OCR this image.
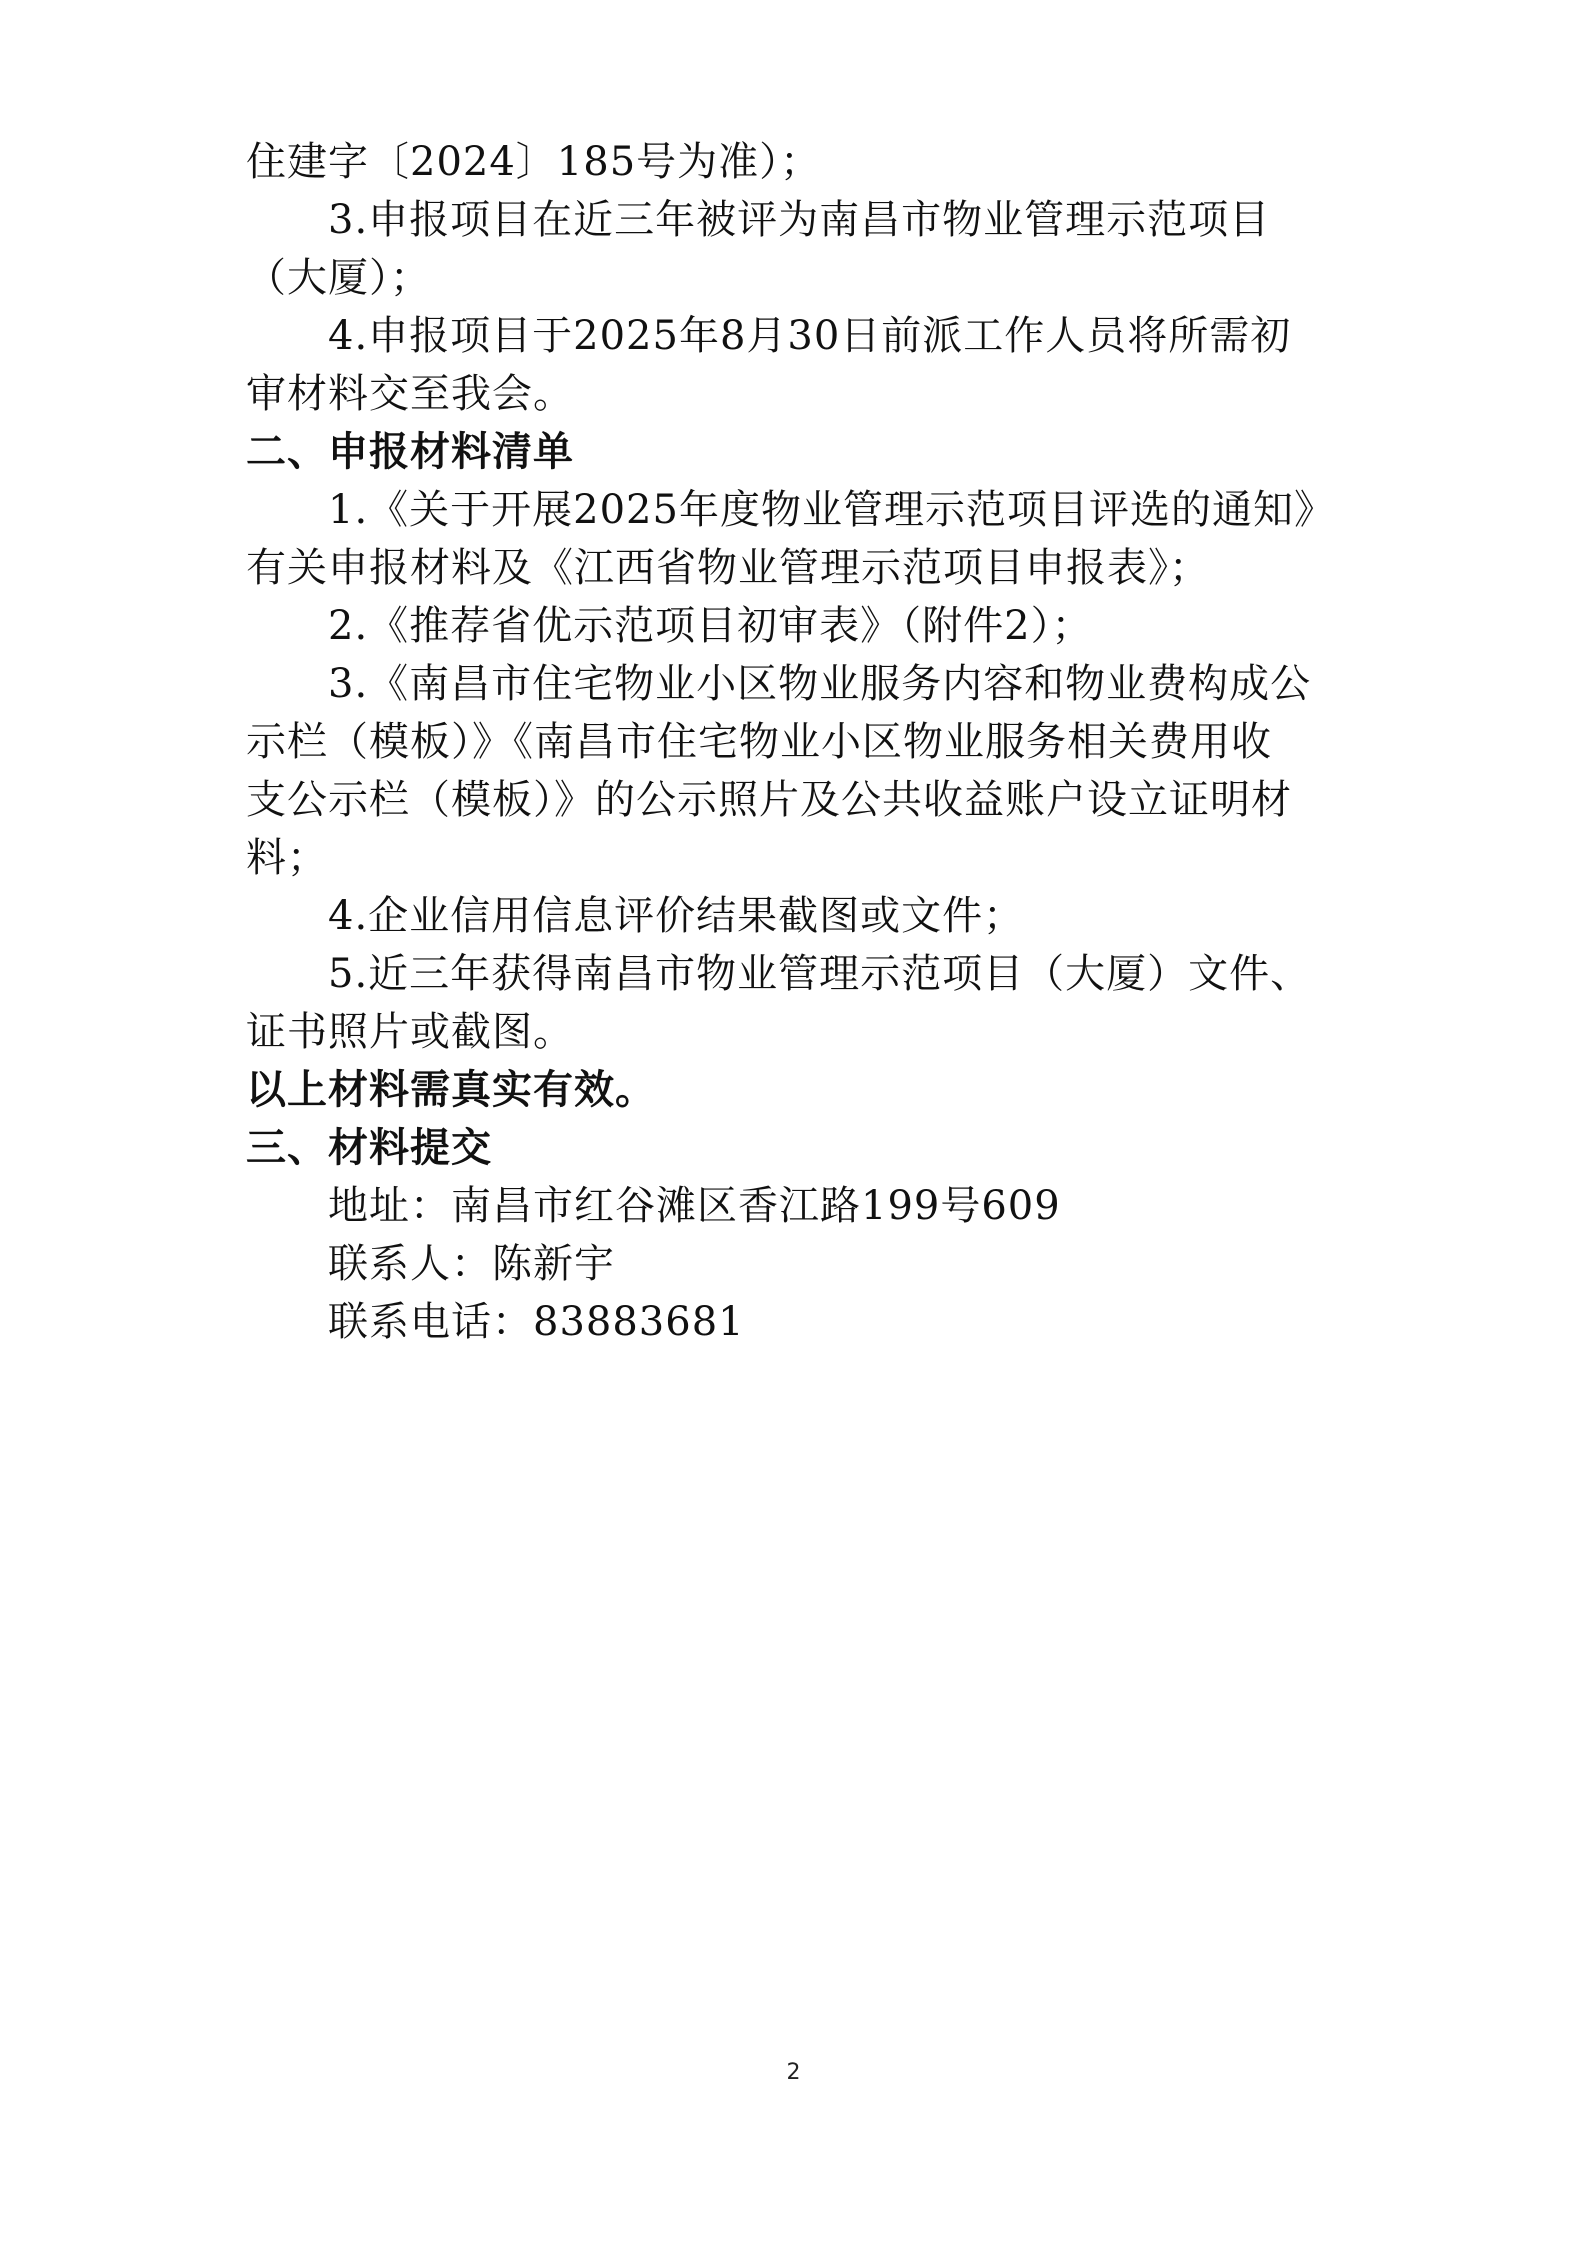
住建字〔2024〕185号为准）；
3.申报项目在近三年被评为南昌市物业管理示范项目
（大厦）；
4.申报项目于2025年8月30日前派工作人员将所需初
审材料交至我会。
二、申报材料清单
1.《关于开展2025年度物业管理示范项目评选的通知》
有关申报材料及《江西省物业管理示范项目申报表》；
2.《推荐省优示范项目初审表》（附件2）；
3.《南昌市住宅物业小区物业服务内容和物业费构成公
示栏（模板）》《南昌市住宅物业小区物业服务相关费用收
支公示栏（模板）》的公示照片及公共收益账户设立证明材
料；
4.企业信用信息评价结果截图或文件；
5.近三年获得南昌市物业管理示范项目（大厦）文件、
证书照片或截图。
以上材料需真实有效。
三、材料提交
地址：南昌市红谷滩区香江路199号609
联系人：陈新宇
联系电话：83883681
2
